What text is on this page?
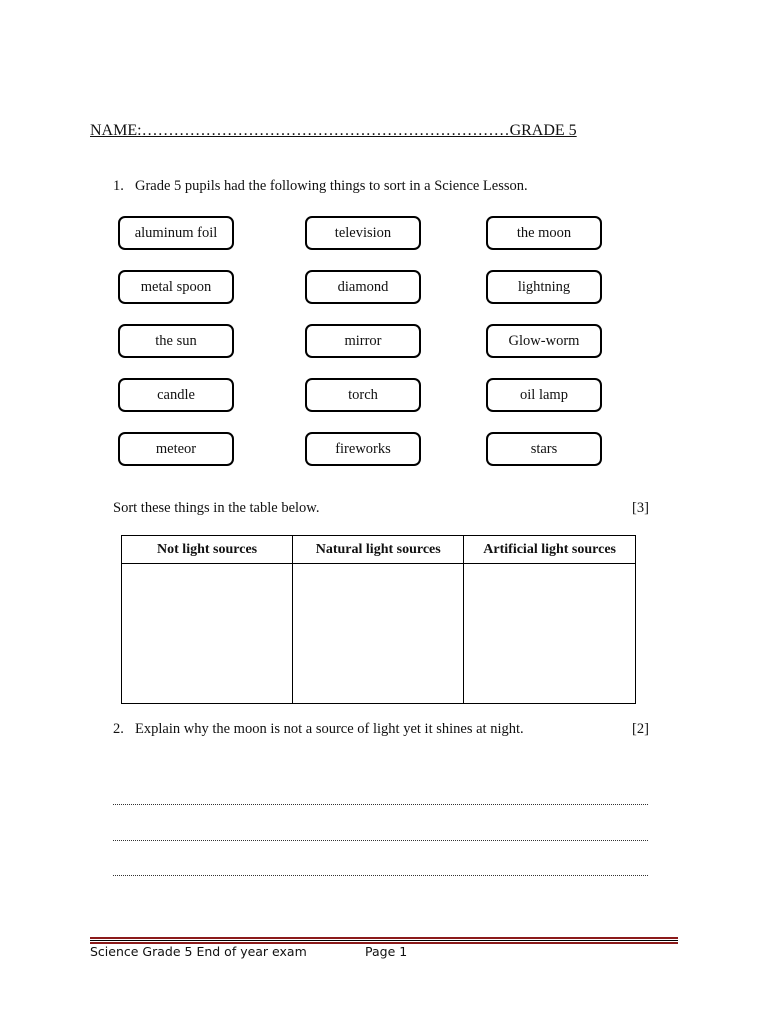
NAME:……………………………………………………………GRADE 5
1. Grade 5 pupils had the following things to sort in a Science Lesson.
aluminum foil	television	the moon
metal spoon	diamond	lightning
the sun	mirror	Glow-worm
candle	torch	oil lamp
meteor	fireworks	stars
Sort these things in the table below.	[3]
Not light sources	Natural light sources	Artificial light sources

2. Explain why the moon is not a source of light yet it shines at night.	[2]
Science Grade 5 End of year exam	Page 1
